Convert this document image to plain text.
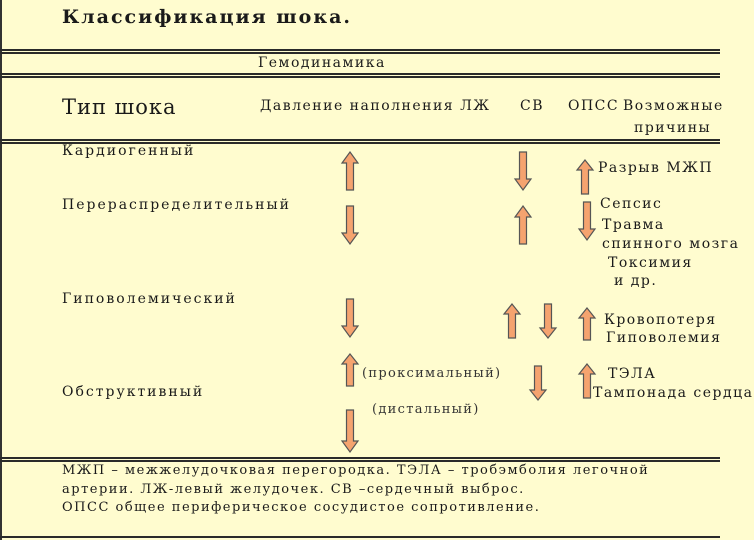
Классификация шока.
Гемодинамика
Тип шока	Давление наполнения ЛЖ СВ ОПСС Возможные
причины
Кардиогенный
Перераспределительный
Гиповолемический
Обструктивный
Разрыв МЖП
Сепсис
Травма
спинного мозга
Токсимия
и др.
Кровопотеря
Гиповолемия
ТЭЛА
Тампонада сердца
(проксимальный)
(дистальный)
МЖП – межжелудочковая перегородка. ТЭЛА – тробэмболия легочной
артерии. ЛЖ-левый желудочек. СВ –сердечный выброс.
ОПСС общее периферическое сосудистое сопротивление.
